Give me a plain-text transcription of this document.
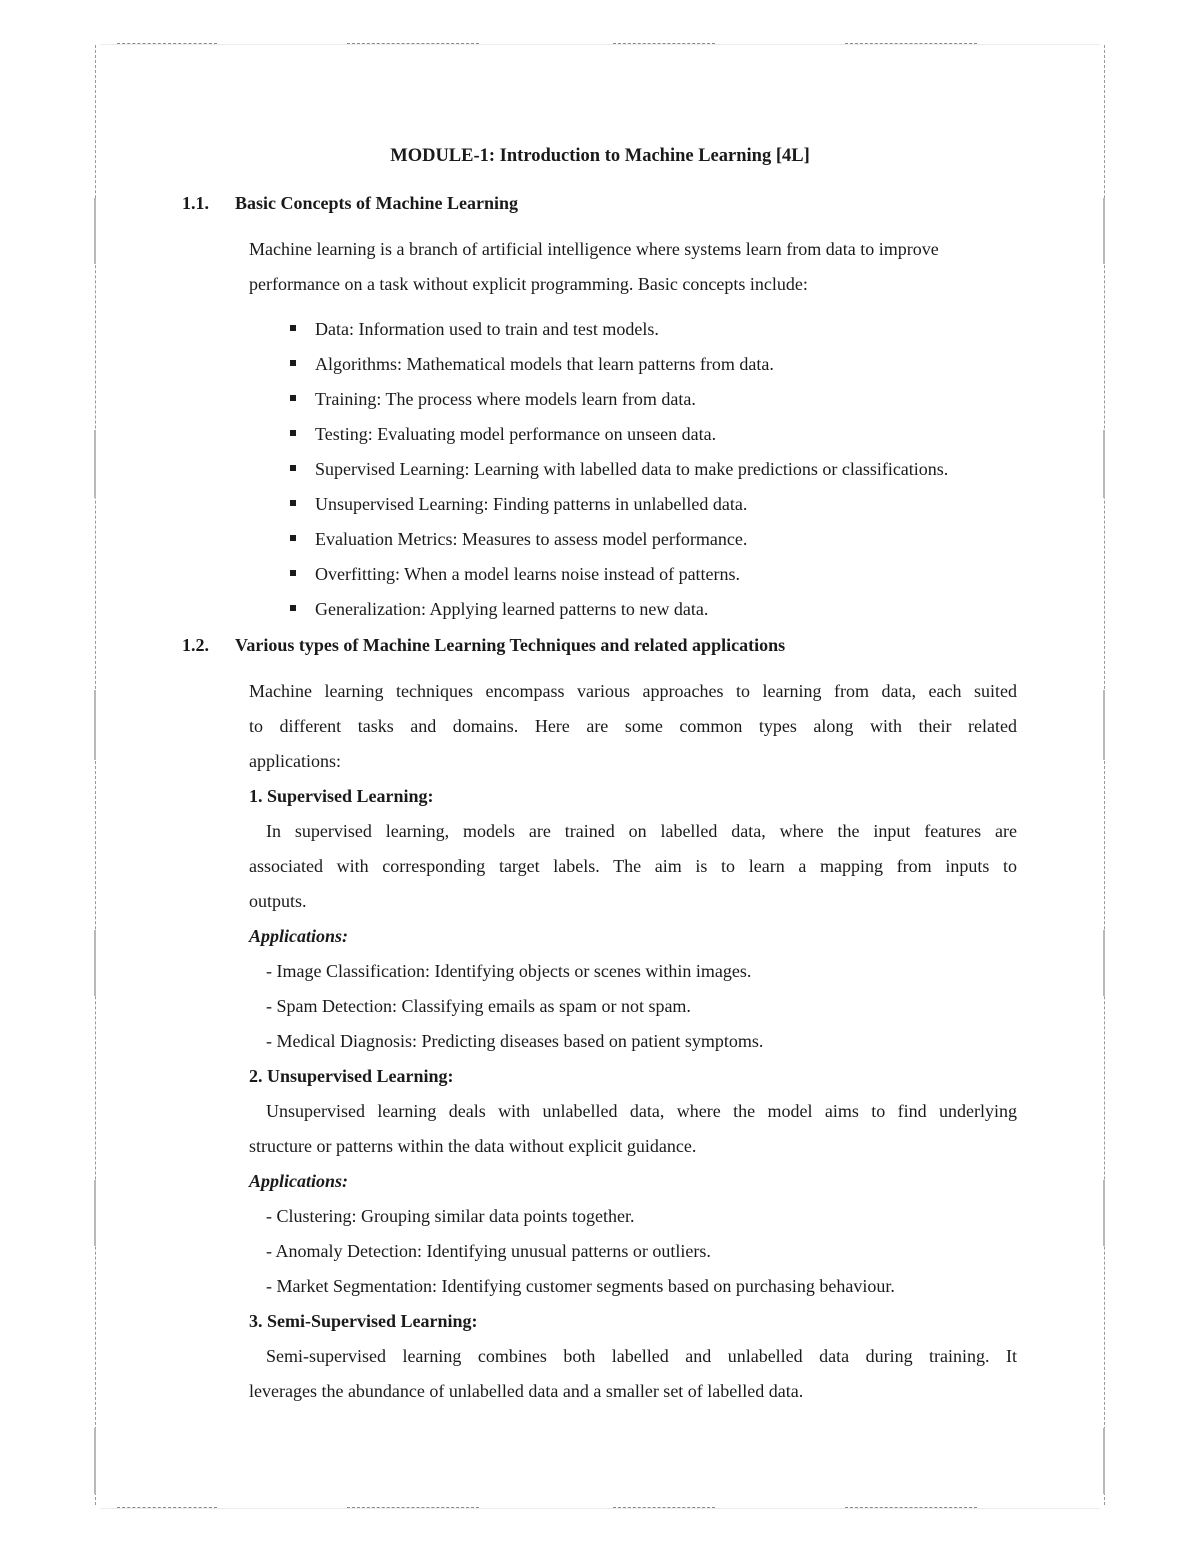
MODULE-1: Introduction to Machine Learning [4L]
1.1. Basic Concepts of Machine Learning
Machine learning is a branch of artificial intelligence where systems learn from data to improve
performance on a task without explicit programming. Basic concepts include:
Data: Information used to train and test models.
Algorithms: Mathematical models that learn patterns from data.
Training: The process where models learn from data.
Testing: Evaluating model performance on unseen data.
Supervised Learning: Learning with labelled data to make predictions or classifications.
Unsupervised Learning: Finding patterns in unlabelled data.
Evaluation Metrics: Measures to assess model performance.
Overfitting: When a model learns noise instead of patterns.
Generalization: Applying learned patterns to new data.
1.2. Various types of Machine Learning Techniques and related applications
Machine learning techniques encompass various approaches to learning from data, each suited
to different tasks and domains. Here are some common types along with their related
applications:
1. Supervised Learning:
In supervised learning, models are trained on labelled data, where the input features are
associated with corresponding target labels. The aim is to learn a mapping from inputs to
outputs.
Applications:
- Image Classification: Identifying objects or scenes within images.
- Spam Detection: Classifying emails as spam or not spam.
- Medical Diagnosis: Predicting diseases based on patient symptoms.
2. Unsupervised Learning:
Unsupervised learning deals with unlabelled data, where the model aims to find underlying
structure or patterns within the data without explicit guidance.
Applications:
- Clustering: Grouping similar data points together.
- Anomaly Detection: Identifying unusual patterns or outliers.
- Market Segmentation: Identifying customer segments based on purchasing behaviour.
3. Semi-Supervised Learning:
Semi-supervised learning combines both labelled and unlabelled data during training. It
leverages the abundance of unlabelled data and a smaller set of labelled data.
